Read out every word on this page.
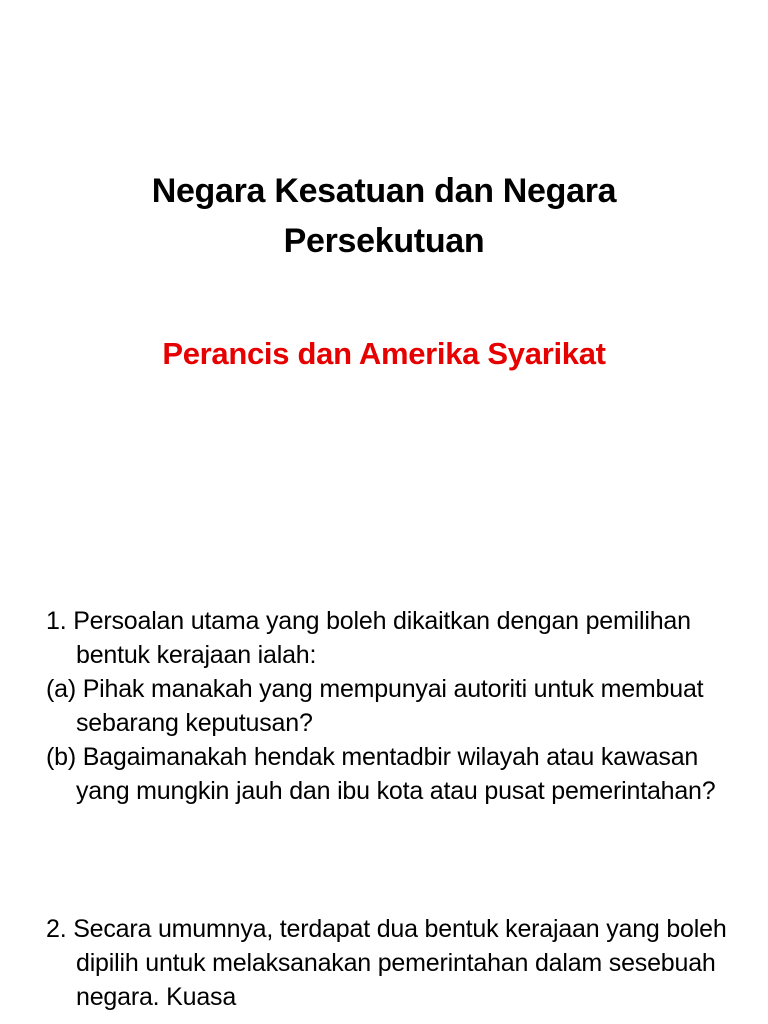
Negara Kesatuan dan Negara
Persekutuan
Perancis dan Amerika Syarikat

1. Persoalan utama yang boleh dikaitkan dengan pemilihan bentuk kerajaan ialah:

(a) Pihak manakah yang mempunyai autoriti untuk membuat sebarang keputusan?

(b) Bagaimanakah hendak mentadbir wilayah atau kawasan yang mungkin jauh dan ibu kota atau pusat pemerintahan?

2. Secara umumnya, terdapat dua bentuk kerajaan yang boleh dipilih untuk melaksanakan pemerintahan dalam sesebuah negara. Kuasa
